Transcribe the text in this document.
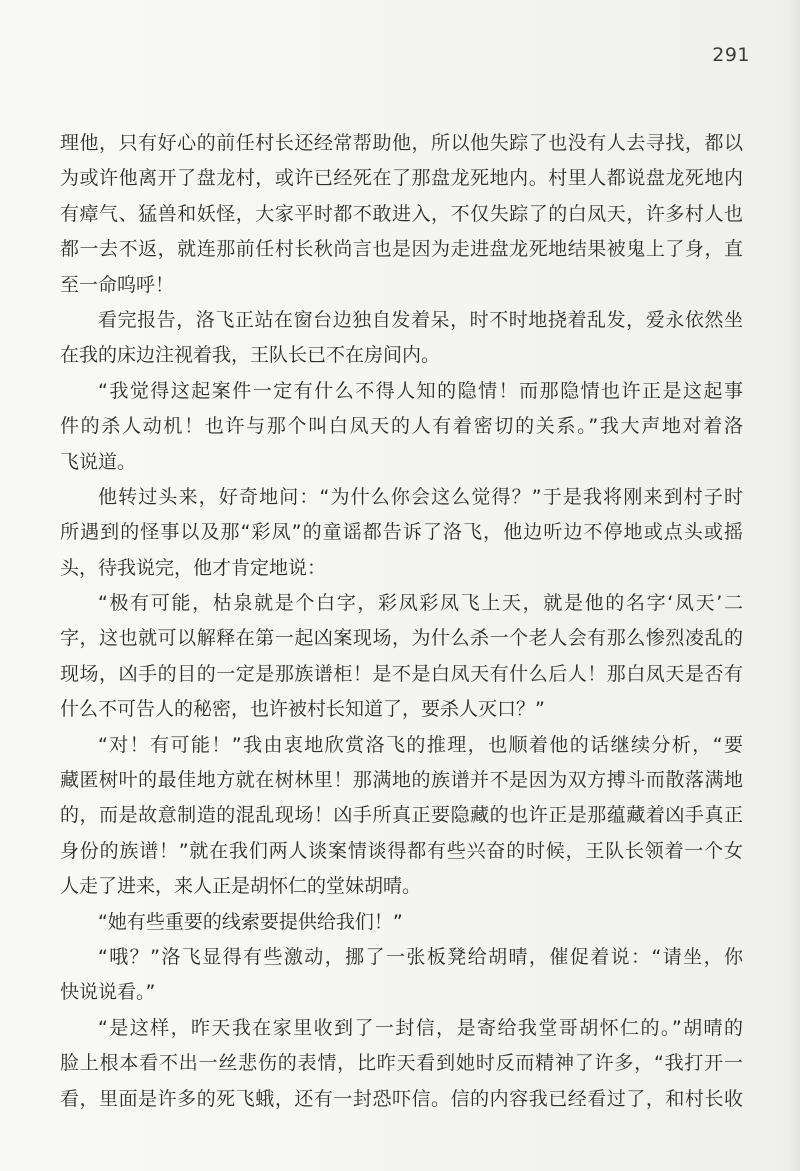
291
理他，只有好心的前任村长还经常帮助他，所以他失踪了也没有人去寻找，都以
为或许他离开了盘龙村，或许已经死在了那盘龙死地内。村里人都说盘龙死地内
有瘴气、猛兽和妖怪，大家平时都不敢进入，不仅失踪了的白凤天，许多村人也
都一去不返，就连那前任村长秋尚言也是因为走进盘龙死地结果被鬼上了身，直
至一命呜呼！
看完报告，洛飞正站在窗台边独自发着呆，时不时地挠着乱发，爱永依然坐
在我的床边注视着我，王队长已不在房间内。
“我觉得这起案件一定有什么不得人知的隐情！而那隐情也许正是这起事
件的杀人动机！也许与那个叫白凤天的人有着密切的关系。”我大声地对着洛
飞说道。
他转过头来，好奇地问：“为什么你会这么觉得？”于是我将刚来到村子时
所遇到的怪事以及那“彩凤”的童谣都告诉了洛飞，他边听边不停地或点头或摇
头，待我说完，他才肯定地说：
“极有可能，枯泉就是个白字，彩凤彩凤飞上天，就是他的名字‘凤天’二
字，这也就可以解释在第一起凶案现场，为什么杀一个老人会有那么惨烈凌乱的
现场，凶手的目的一定是那族谱柜！是不是白凤天有什么后人！那白凤天是否有
什么不可告人的秘密，也许被村长知道了，要杀人灭口？”
“对！有可能！”我由衷地欣赏洛飞的推理，也顺着他的话继续分析，“要
藏匿树叶的最佳地方就在树林里！那满地的族谱并不是因为双方搏斗而散落满地
的，而是故意制造的混乱现场！凶手所真正要隐藏的也许正是那蕴藏着凶手真正
身份的族谱！”就在我们两人谈案情谈得都有些兴奋的时候，王队长领着一个女
人走了进来，来人正是胡怀仁的堂妹胡晴。
“她有些重要的线索要提供给我们！”
“哦？”洛飞显得有些激动，挪了一张板凳给胡晴，催促着说：“请坐，你
快说说看。”
“是这样，昨天我在家里收到了一封信，是寄给我堂哥胡怀仁的。”胡晴的
脸上根本看不出一丝悲伤的表情，比昨天看到她时反而精神了许多，“我打开一
看，里面是许多的死飞蛾，还有一封恐吓信。信的内容我已经看过了，和村长收
